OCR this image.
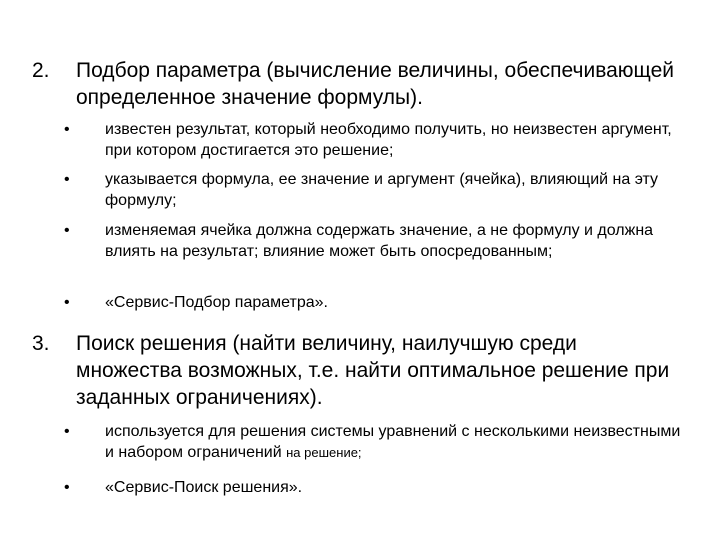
2. Подбор параметра (вычисление величины, обеспечивающей определенное значение формулы).
• известен результат, который необходимо получить, но неизвестен аргумент, при котором достигается это решение;
• указывается формула, ее значение и аргумент (ячейка), влияющий на эту формулу;
• изменяемая ячейка должна содержать значение, а не формулу и должна влиять на результат; влияние может быть опосредованным;
• «Сервис-Подбор параметра».
3. Поиск решения (найти величину, наилучшую среди множества возможных, т.е. найти оптимальное решение при заданных ограничениях).
• используется для решения системы уравнений с несколькими неизвестными и набором ограничений на решение;
• «Сервис-Поиск решения».
